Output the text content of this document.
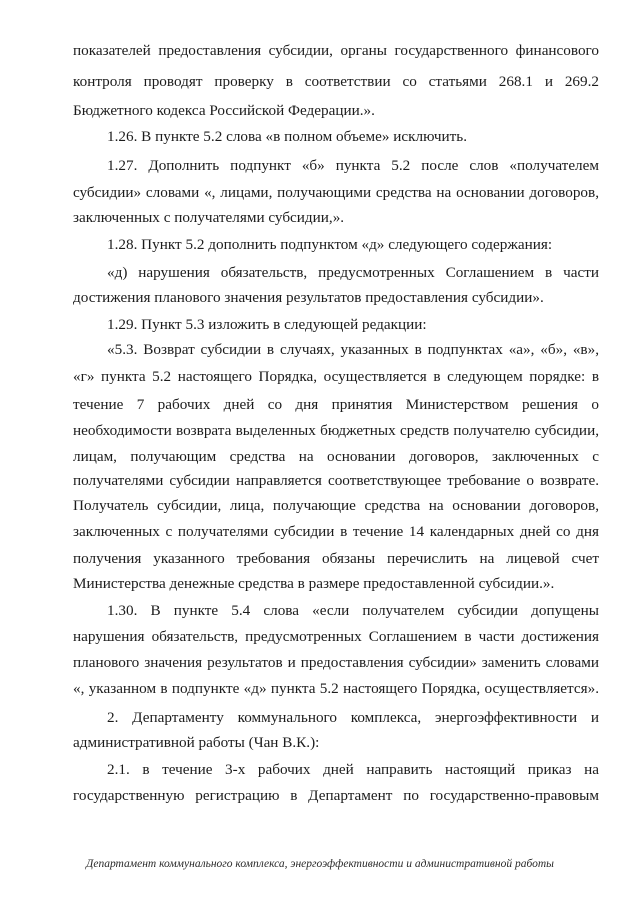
показателей предоставления субсидии, органы государственного финансового
контроля проводят проверку в соответствии со статьями 268.1 и 269.2
Бюджетного кодекса Российской Федерации.».
1.26. В пункте 5.2 слова «в полном объеме» исключить.
1.27. Дополнить подпункт «б» пункта 5.2 после слов «получателем
субсидии» словами «, лицами, получающими средства на основании договоров,
заключенных с получателями субсидии,».
1.28. Пункт 5.2 дополнить подпунктом «д» следующего содержания:
«д) нарушения обязательств, предусмотренных Соглашением в части
достижения планового значения результатов предоставления субсидии».
1.29. Пункт 5.3 изложить в следующей редакции:
«5.3. Возврат субсидии в случаях, указанных в подпунктах «а», «б», «в»,
«г» пункта 5.2 настоящего Порядка, осуществляется в следующем порядке: в
течение 7 рабочих дней со дня принятия Министерством решения о
необходимости возврата выделенных бюджетных средств получателю субсидии,
лицам, получающим средства на основании договоров, заключенных с
получателями субсидии направляется соответствующее требование о возврате.
Получатель субсидии, лица, получающие средства на основании договоров,
заключенных с получателями субсидии в течение 14 календарных дней со дня
получения указанного требования обязаны перечислить на лицевой счет
Министерства денежные средства в размере предоставленной субсидии.».
1.30. В пункте 5.4 слова «если получателем субсидии допущены
нарушения обязательств, предусмотренных Соглашением в части достижения
планового значения результатов и предоставления субсидии» заменить словами
«, указанном в подпункте «д» пункта 5.2 настоящего Порядка, осуществляется».
2. Департаменту коммунального комплекса, энергоэффективности и
административной работы (Чан В.К.):
2.1. в течение 3-х рабочих дней направить настоящий приказ на
государственную регистрацию в Департамент по государственно-правовым
Департамент коммунального комплекса, энергоэффективности и административной работы
